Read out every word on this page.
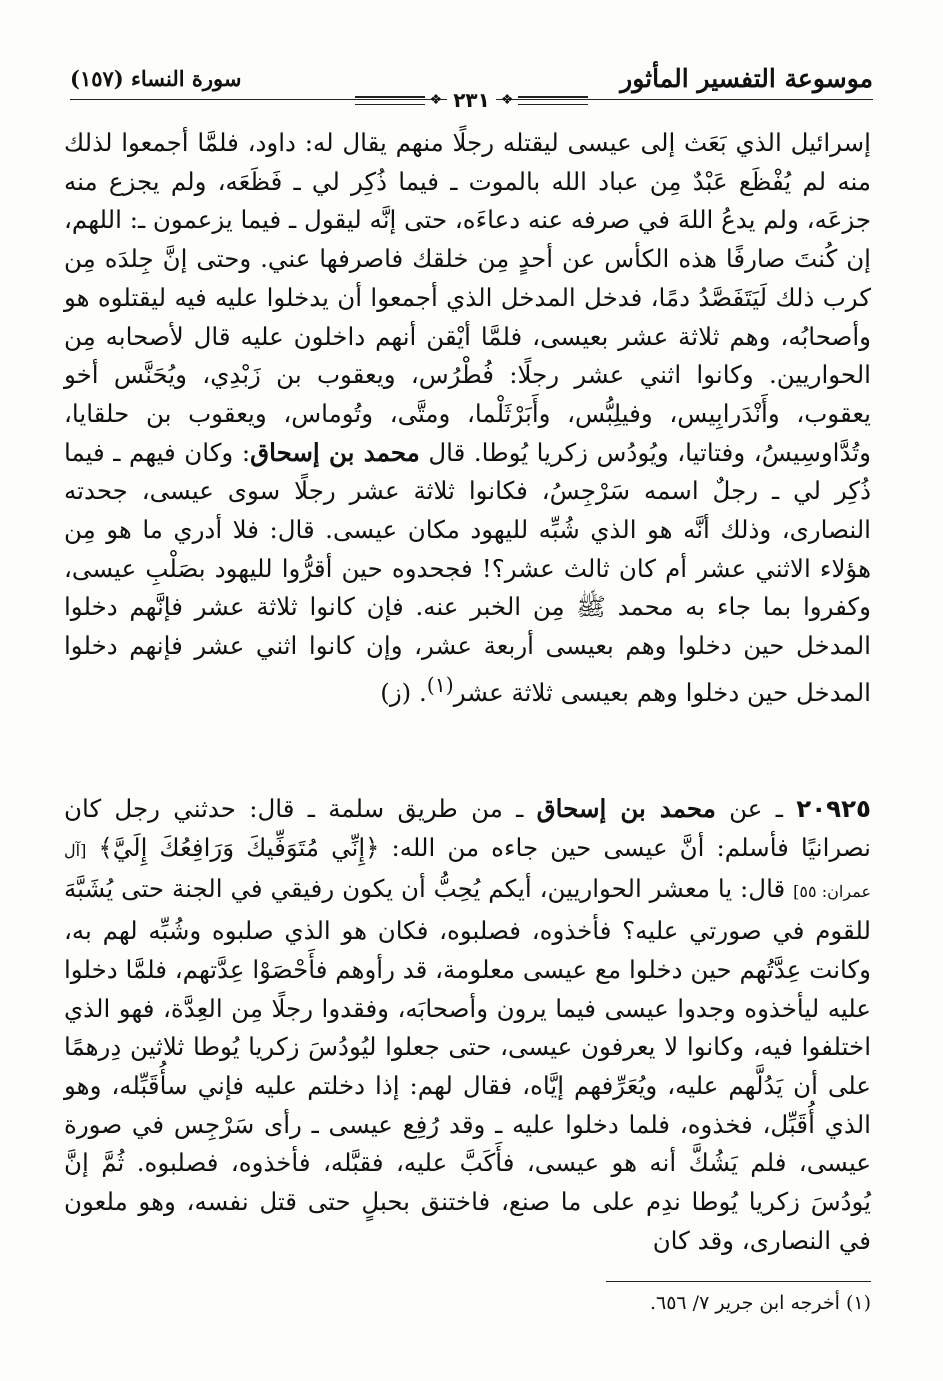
موسوعة التفسير المأثور
سورة النساء (١٥٧)
❖ ٢٣١ ❖

إسرائيل الذي بَعَث إلى عيسى ليقتله رجلًا منهم يقال له: داود، فلمَّا أجمعوا لذلك منه لم يُفْظَع عَبْدٌ مِن عباد الله بالموت ـ فيما ذُكِر لي ـ فَظَعَه، ولم يجزع منه جزعَه، ولم يدعُ اللهَ في صرفه عنه دعاءَه، حتى إنَّه ليقول ـ فيما يزعمون ـ: اللهم، إن كُنتَ صارفًا هذه الكأس عن أحدٍ مِن خلقك فاصرفها عني. وحتى إنَّ جِلدَه مِن كرب ذلك لَيَتَفَصَّدُ دمًا، فدخل المدخل الذي أجمعوا أن يدخلوا عليه فيه ليقتلوه هو وأصحابُه، وهم ثلاثة عشر بعيسى، فلمَّا أيْقن أنهم داخلون عليه قال لأصحابه مِن الحواريين. وكانوا اثني عشر رجلًا: فُطْرُس، ويعقوب بن زَبْدِي، ويُحَنَّس أخو يعقوب، وأَنْدَرابِيس، وفيلِبُّس، وأَبَرْثَلْما، ومتَّى، وتُوماس، ويعقوب بن حلقايا، وتُدَّاوسِيسُ، وفتاتيا، ويُودُس زكريا يُوطا. قال محمد بن إسحاق: وكان فيهم ـ فيما ذُكِر لي ـ رجلٌ اسمه سَرْجِسُ، فكانوا ثلاثة عشر رجلًا سوى عيسى، جحدته النصارى، وذلك أنَّه هو الذي شُبِّه لليهود مكان عيسى. قال: فلا أدري ما هو مِن هؤلاء الاثني عشر أم كان ثالث عشر؟! فجحدوه حين أقرُّوا لليهود بصَلْبِ عيسى، وكفروا بما جاء به محمد ﷺ مِن الخبر عنه. فإن كانوا ثلاثة عشر فإنَّهم دخلوا المدخل حين دخلوا وهم بعيسى أربعة عشر، وإن كانوا اثني عشر فإنهم دخلوا المدخل حين دخلوا وهم بعيسى ثلاثة عشر$^{(١)}$. (ز)

٢٠٩٢٥ ـ عن محمد بن إسحاق ـ من طريق سلمة ـ قال: حدثني رجل كان نصرانيًا فأسلم: أنَّ عيسى حين جاءه من الله: ﴿إِنِّي مُتَوَفِّيكَ وَرَافِعُكَ إِلَيَّ﴾ [آل عمران: ٥٥] قال: يا معشر الحواريين، أيكم يُحِبُّ أن يكون رفيقي في الجنة حتى يُشَبَّهَ للقوم في صورتي عليه؟ فأخذوه، فصلبوه، فكان هو الذي صلبوه وشُبِّه لهم به، وكانت عِدَّتُهم حين دخلوا مع عيسى معلومة، قد رأوهم فأَحْصَوْا عِدَّتهم، فلمَّا دخلوا عليه ليأخذوه وجدوا عيسى فيما يرون وأصحابَه، وفقدوا رجلًا مِن العِدَّة، فهو الذي اختلفوا فيه، وكانوا لا يعرفون عيسى، حتى جعلوا ليُودُسَ زكريا يُوطا ثلاثين دِرهمًا على أن يَدُلَّهم عليه، ويُعَرِّفهم إيَّاه، فقال لهم: إذا دخلتم عليه فإني سأُقَبِّله، وهو الذي أُقَبِّل، فخذوه، فلما دخلوا عليه ـ وقد رُفِع عيسى ـ رأى سَرْجِس في صورة عيسى، فلم يَشُكَّ أنه هو عيسى، فأَكَبَّ عليه، فقبَّله، فأخذوه، فصلبوه. ثُمَّ إنَّ يُودُسَ زكريا يُوطا ندِم على ما صنع، فاختنق بحبلٍ حتى قتل نفسه، وهو ملعون في النصارى، وقد كان

(١) أخرجه ابن جرير ٧/ ٦٥٦.
